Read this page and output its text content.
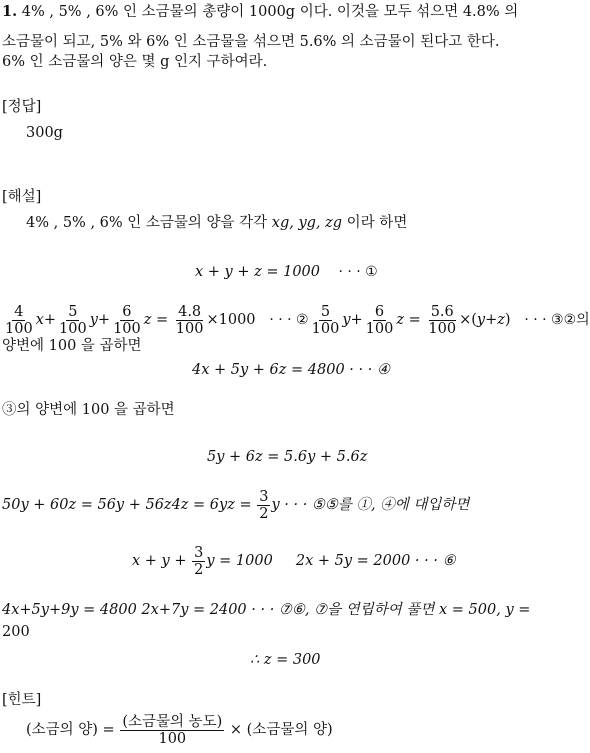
1. 4% , 5% , 6% 인 소금물의 총량이 1000g 이다. 이것을 모두 섞으면 4.8% 의
소금물이 되고, 5% 와 6% 인 소금물을 섞으면 5.6% 의 소금물이 된다고 한다.
6% 인 소금물의 양은 몇 g 인지 구하여라.
[정답]
300g
[해설]
4% , 5% , 6% 인 소금물의 양을 각각 xg, yg, zg 이라 하면
x + y + z = 1000 · · · ①
$\frac{4}{100} x+ \frac{5}{100} y+ \frac{6}{100}$ $z = \frac{4.8}{100} \times 1000$   · · · ② $\frac{5}{100} y+ \frac{6}{100}$ $z = \frac{5.6}{100} \times(y+z)$   · · · ③②의
양변에 100 을 곱하면
4x + 5y + 6z = 4800 · · · ④
③의 양변에 100 을 곱하면
5y + 6z = 5.6y + 5.6z
$50y + 60z = 56y + 56z4z = 6yz = \frac{3}{2}$ y · · · ⑤⑤를 ①, ④에 대입하면
$x + y + \frac{3}{2}$ y = 1000 2x + 5y = 2000 · · · ⑥
4x+5y+9y = 4800 2x+7y = 2400 · · · ⑦⑥, ⑦을 연립하여 풀면 x = 500, y =
200
∴ z = 300
[힌트]
(소금의 양) = $\frac{\text{(소금물의 농도)}}{100}$ × (소금물의 양)
